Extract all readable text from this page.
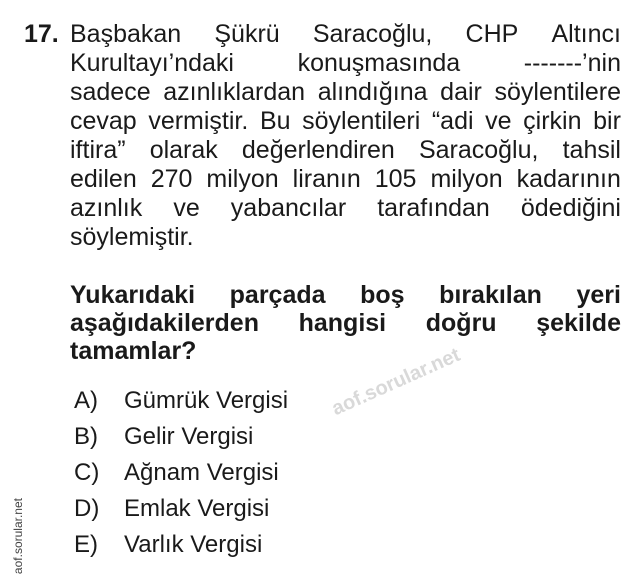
17. Başbakan Şükrü Saracoğlu, CHP Altıncı
Kurultayı’ndaki	konuşmasında	-------’nin
sadece azınlıklardan alındığına dair söylentilere
cevap vermiştir. Bu söylentileri “adi ve çirkin bir
iftira” olarak değerlendiren Saracoğlu, tahsil
edilen 270 milyon liranın 105 milyon kadarının
azınlık ve yabancılar tarafından ödediğini
söylemiştir.
Yukarıdaki parçada boş bırakılan yeri
aşağıdakilerden hangisi doğru şekilde
tamamlar?
A) Gümrük Vergisi
B) Gelir Vergisi
C) Ağnam Vergisi
D) Emlak Vergisi
E) Varlık Vergisi
aof.sorular.net
aof.sorular.net
